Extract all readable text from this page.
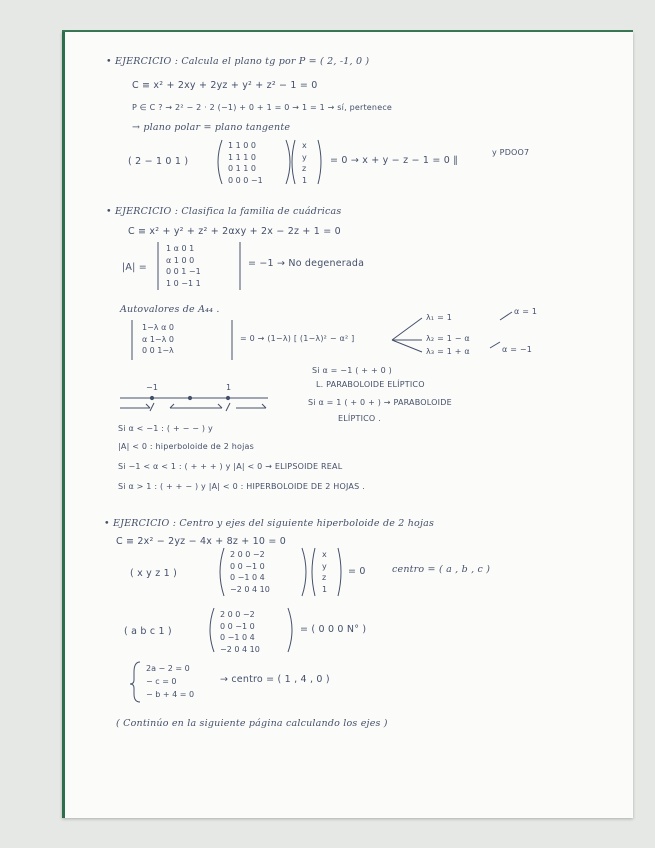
• EJERCICIO : Calcula el plano tg por P = ( 2, -1, 0 )
C ≡ x² + 2xy + 2yz + y² + z² − 1 = 0
P ∈ C ? → 2² − 2 · 2 (−1) + 0 + 1 = 0 → 1 = 1 → sí, pertenece
→ plano polar = plano tangente
( 2 − 1 0 1 )
1 1 0 0
1 1 1 0
0 1 1 0
0 0 0 −1
x
y
z
1
= 0 → x + y − z − 1 = 0 ∥
y PDOO7
• EJERCICIO : Clasifica la familia de cuádricas
C ≡ x² + y² + z² + 2αxy + 2x − 2z + 1 = 0
|A| =
1 α 0 1
α 1 0 0
0 0 1 −1
1 0 −1 1
= −1 → No degenerada
Autovalores de A₄₄ .
1−λ α 0
α 1−λ 0
0 0 1−λ
= 0 → (1−λ) [ (1−λ)² − α² ]
λ₁ = 1
λ₂ = 1 − α
λ₃ = 1 + α
α = 1
α = −1
Si α = −1 ( + + 0 )
L. PARABOLOIDE ELÍPTICO
Si α = 1 ( + 0 + ) → PARABOLOIDE
ELÍPTICO .
−1	1
Si α < −1 : ( + − − ) y
|A| < 0 : hiperboloide de 2 hojas
Si −1 < α < 1 : ( + + + ) y |A| < 0 → ELIPSOIDE REAL
Si α > 1 : ( + + − ) y |A| < 0 : HIPERBOLOIDE DE 2 HOJAS .
• EJERCICIO : Centro y ejes del siguiente hiperboloide de 2 hojas
C ≡ 2x² − 2yz − 4x + 8z + 10 = 0
( x y z 1 )
2 0 0 −2
0 0 −1 0
0 −1 0 4
−2 0 4 10
x
y
z
1
= 0	centro = ( a , b , c )
( a b c 1 )
2 0 0 −2
0 0 −1 0
0 −1 0 4
−2 0 4 10
= ( 0 0 0 N° )
2a − 2 = 0
− c = 0
− b + 4 = 0
→ centro = ( 1 , 4 , 0 )
( Continúo en la siguiente página calculando los ejes )
